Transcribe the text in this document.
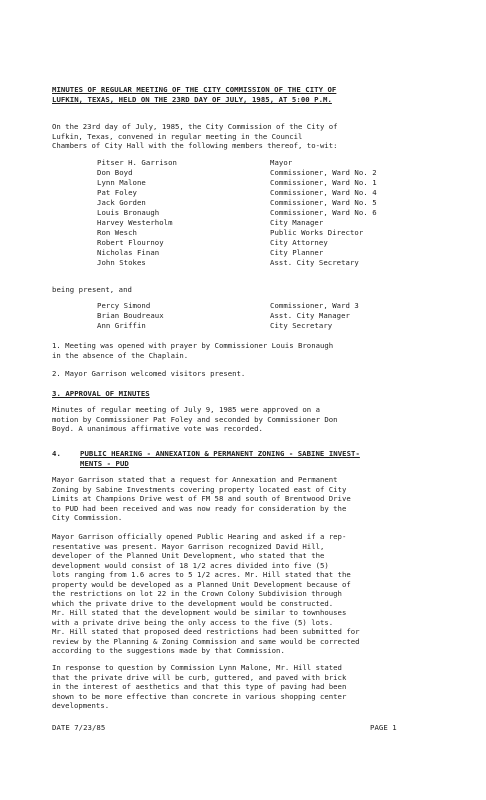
MINUTES OF REGULAR MEETING OF THE CITY COMMISSION OF THE CITY OF
LUFKIN, TEXAS, HELD ON THE 23RD DAY OF JULY, 1985, AT 5:00 P.M.
On the 23rd day of July, 1985, the City Commission of the City of
Lufkin, Texas, convened in regular meeting in the Council
Chambers of City Hall with the following members thereof, to-wit:
Pitser H. Garrison	Mayor
Don Boyd	Commissioner, Ward No. 2
Lynn Malone	Commissioner, Ward No. 1
Pat Foley	Commissioner, Ward No. 4
Jack Gorden	Commissioner, Ward No. 5
Louis Bronaugh	Commissioner, Ward No. 6
Harvey Westerholm	City Manager
Ron Wesch	Public Works Director
Robert Flournoy	City Attorney
Nicholas Finan	City Planner
John Stokes	Asst. City Secretary
being present, and
Percy Simond	Commissioner, Ward 3
Brian Boudreaux	Asst. City Manager
Ann Griffin	City Secretary
1. Meeting was opened with prayer by Commissioner Louis Bronaugh
in the absence of the Chaplain.
2. Mayor Garrison welcomed visitors present.
3. APPROVAL OF MINUTES
Minutes of regular meeting of July 9, 1985 were approved on a
motion by Commissioner Pat Foley and seconded by Commissioner Don
Boyd. A unanimous affirmative vote was recorded.
4.	PUBLIC HEARING - ANNEXATION & PERMANENT ZONING - SABINE INVEST-
MENTS - PUD
Mayor Garrison stated that a request for Annexation and Permanent
Zoning by Sabine Investments covering property located east of City
Limits at Champions Drive west of FM 58 and south of Brentwood Drive
to PUD had been received and was now ready for consideration by the
City Commission.
Mayor Garrison officially opened Public Hearing and asked if a rep-
resentative was present. Mayor Garrison recognized David Hill,
developer of the Planned Unit Development, who stated that the
development would consist of 18 1/2 acres divided into five (5)
lots ranging from 1.6 acres to 5 1/2 acres. Mr. Hill stated that the
property would be developed as a Planned Unit Development because of
the restrictions on lot 22 in the Crown Colony Subdivision through
which the private drive to the development would be constructed.
Mr. Hill stated that the development would be similar to townhouses
with a private drive being the only access to the five (5) lots.
Mr. Hill stated that proposed deed restrictions had been submitted for
review by the Planning & Zoning Commission and same would be corrected
according to the suggestions made by that Commission.
In response to question by Commission Lynn Malone, Mr. Hill stated
that the private drive will be curb, guttered, and paved with brick
in the interest of aesthetics and that this type of paving had been
shown to be more effective than concrete in various shopping center
developments.
DATE 7/23/85	PAGE 1
